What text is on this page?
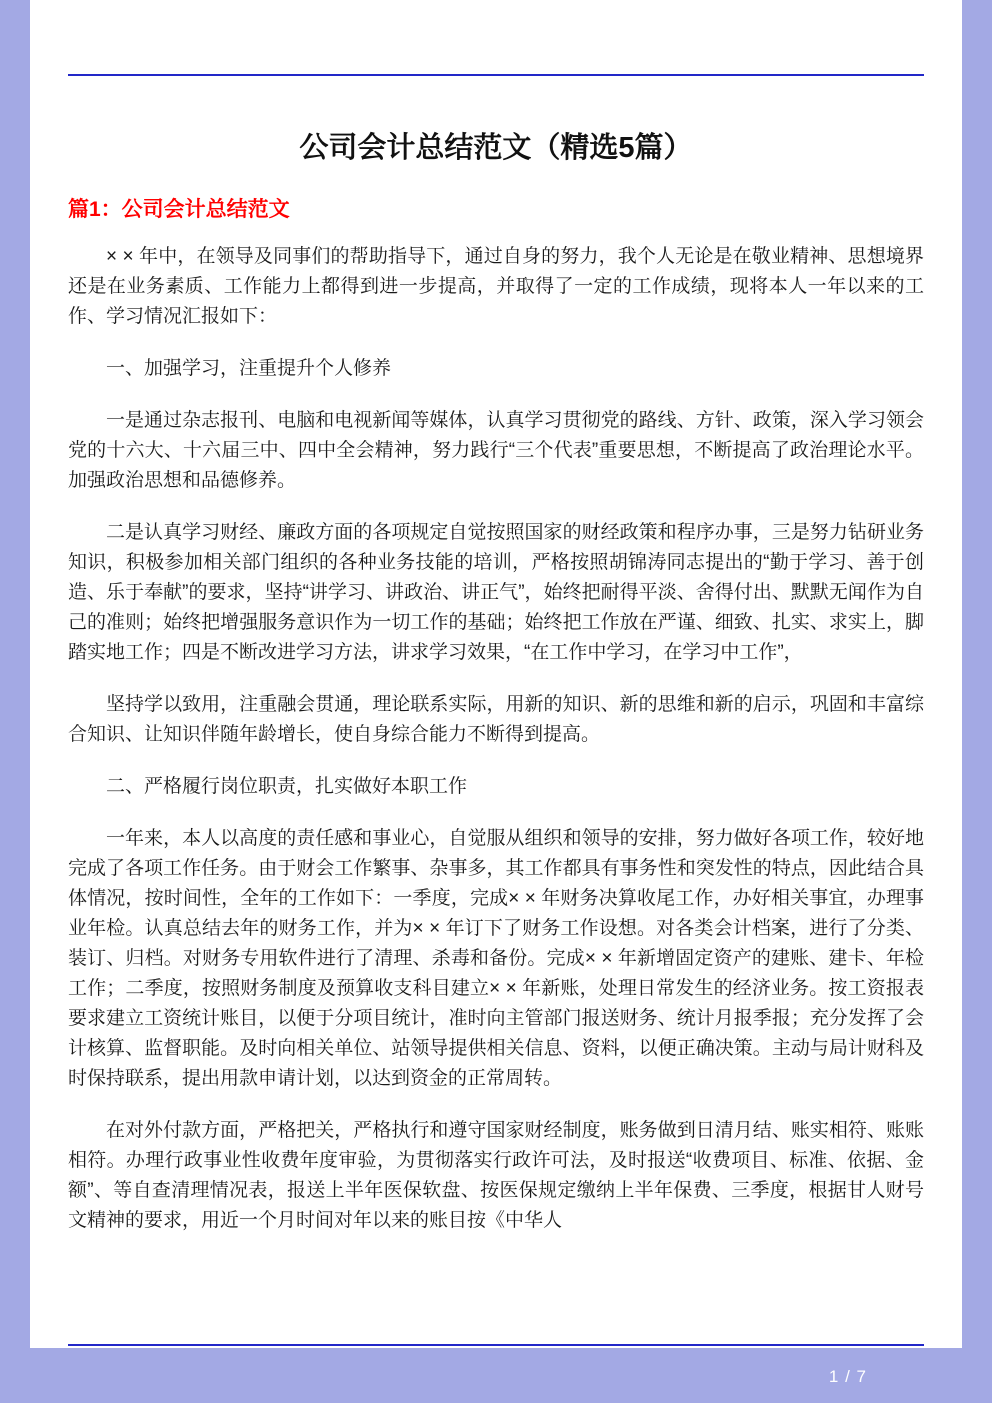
公司会计总结范文（精选5篇）
篇1：公司会计总结范文

× × 年中，在领导及同事们的帮助指导下，通过自身的努力，我个人无论是在敬业精神、思想境界还是在业务素质、工作能力上都得到进一步提高，并取得了一定的工作成绩，现将本人一年以来的工作、学习情况汇报如下：

一、加强学习，注重提升个人修养

一是通过杂志报刊、电脑和电视新闻等媒体，认真学习贯彻党的路线、方针、政策，深入学习领会党的十六大、十六届三中、四中全会精神，努力践行“三个代表”重要思想，不断提高了政治理论水平。加强政治思想和品德修养。

二是认真学习财经、廉政方面的各项规定自觉按照国家的财经政策和程序办事，三是努力钻研业务知识，积极参加相关部门组织的各种业务技能的培训，严格按照胡锦涛同志提出的“勤于学习、善于创造、乐于奉献”的要求，坚持“讲学习、讲政治、讲正气”，始终把耐得平淡、舍得付出、默默无闻作为自己的准则；始终把增强服务意识作为一切工作的基础；始终把工作放在严谨、细致、扎实、求实上，脚踏实地工作；四是不断改进学习方法，讲求学习效果，“在工作中学习，在学习中工作”，

坚持学以致用，注重融会贯通，理论联系实际，用新的知识、新的思维和新的启示，巩固和丰富综合知识、让知识伴随年龄增长，使自身综合能力不断得到提高。

二、严格履行岗位职责，扎实做好本职工作

一年来，本人以高度的责任感和事业心，自觉服从组织和领导的安排，努力做好各项工作，较好地完成了各项工作任务。由于财会工作繁事、杂事多，其工作都具有事务性和突发性的特点，因此结合具体情况，按时间性，全年的工作如下：一季度，完成× × 年财务决算收尾工作，办好相关事宜，办理事业年检。认真总结去年的财务工作，并为× × 年订下了财务工作设想。对各类会计档案，进行了分类、装订、归档。对财务专用软件进行了清理、杀毒和备份。完成× × 年新增固定资产的建账、建卡、年检工作；二季度，按照财务制度及预算收支科目建立× × 年新账，处理日常发生的经济业务。按工资报表要求建立工资统计账目，以便于分项目统计，准时向主管部门报送财务、统计月报季报；充分发挥了会计核算、监督职能。及时向相关单位、站领导提供相关信息、资料，以便正确决策。主动与局计财科及时保持联系，提出用款申请计划，以达到资金的正常周转。

在对外付款方面，严格把关，严格执行和遵守国家财经制度，账务做到日清月结、账实相符、账账相符。办理行政事业性收费年度审验，为贯彻落实行政许可法，及时报送“收费项目、标准、依据、金额”、等自查清理情况表，报送上半年医保软盘、按医保规定缴纳上半年保费、三季度，根据甘人财号文精神的要求，用近一个月时间对年以来的账目按《中华人

1 / 7
